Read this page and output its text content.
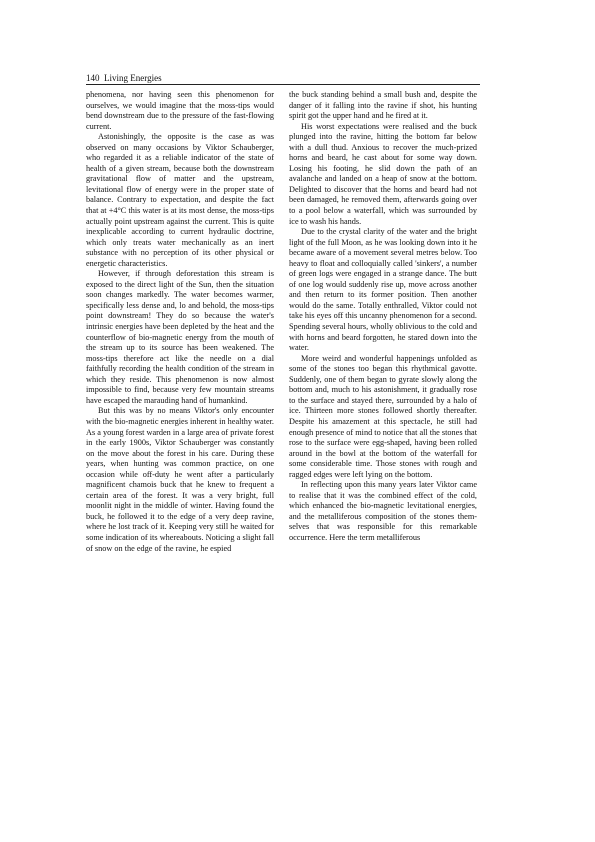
140 Living Energies

phenomena, nor having seen this phenomenon for ourselves, we would imagine that the moss-tips would bend downstream due to the pressure of the fast-flowing current.

Astonishingly, the opposite is the case as was observed on many occasions by Viktor Schauberger, who regarded it as a reliable indicator of the state of health of a given stream, because both the downstream gravitational flow of matter and the upstream, levitational flow of energy were in the proper state of balance. Contrary to expectation, and despite the fact that at +4°C this water is at its most dense, the moss-tips actually point upstream against the current. This is quite inexplicable according to current hydraulic doctrine, which only treats water mechanically as an inert substance with no perception of its other physical or energetic characteristics.

However, if through deforestation this stream is exposed to the direct light of the Sun, then the situation soon changes markedly. The water becomes warmer, specifically less dense and, lo and behold, the moss-tips point downstream! They do so because the water's intrinsic energies have been depleted by the heat and the counterflow of bio-magnetic energy from the mouth of the stream up to its source has been weakened. The moss-tips therefore act like the needle on a dial faithfully recording the health condition of the stream in which they reside. This phenomenon is now almost impossible to find, because very few mountain streams have escaped the marauding hand of humankind.

But this was by no means Viktor's only encounter with the bio-magnetic energies inherent in healthy water. As a young forest warden in a large area of private forest in the early 1900s, Viktor Schauberger was constantly on the move about the forest in his care. During these years, when hunting was common practice, on one occasion while off-duty he went after a particularly magnificent chamois buck that he knew to frequent a certain area of the forest. It was a very bright, full moonlit night in the middle of winter. Having found the buck, he followed it to the edge of a very deep ravine, where he lost track of it. Keeping very still he waited for some indication of its whereabouts. Noticing a slight fall of snow on the edge of the ravine, he espied

the buck standing behind a small bush and, despite the danger of it falling into the ravine if shot, his hunting spirit got the upper hand and he fired at it.

His worst expectations were realised and the buck plunged into the ravine, hitting the bottom far below with a dull thud. Anxious to recover the much-prized horns and beard, he cast about for some way down. Losing his footing, he slid down the path of an avalanche and landed on a heap of snow at the bottom. Delighted to discover that the horns and beard had not been damaged, he removed them, afterwards going over to a pool below a waterfall, which was surrounded by ice to wash his hands.

Due to the crystal clarity of the water and the bright light of the full Moon, as he was looking down into it he became aware of a movement several metres below. Too heavy to float and colloquially called 'sinkers', a number of green logs were engaged in a strange dance. The butt of one log would suddenly rise up, move across another and then return to its former position. Then another would do the same. Totally enthralled, Viktor could not take his eyes off this uncanny phenomenon for a second. Spending several hours, wholly oblivious to the cold and with horns and beard forgotten, he stared down into the water.

More weird and wonderful happenings unfolded as some of the stones too began this rhythmical gavotte. Suddenly, one of them began to gyrate slowly along the bottom and, much to his astonishment, it gradually rose to the surface and stayed there, surrounded by a halo of ice. Thirteen more stones followed shortly thereafter. Despite his amazement at this spectacle, he still had enough presence of mind to notice that all the stones that rose to the surface were egg-shaped, having been rolled around in the bowl at the bottom of the waterfall for some considerable time. Those stones with rough and ragged edges were left lying on the bottom.

In reflecting upon this many years later Viktor came to realise that it was the combined effect of the cold, which enhanced the bio-magnetic levitational energies, and the metalliferous composition of the stones themselves that was responsible for this remarkable occurrence. Here the term metalliferous
